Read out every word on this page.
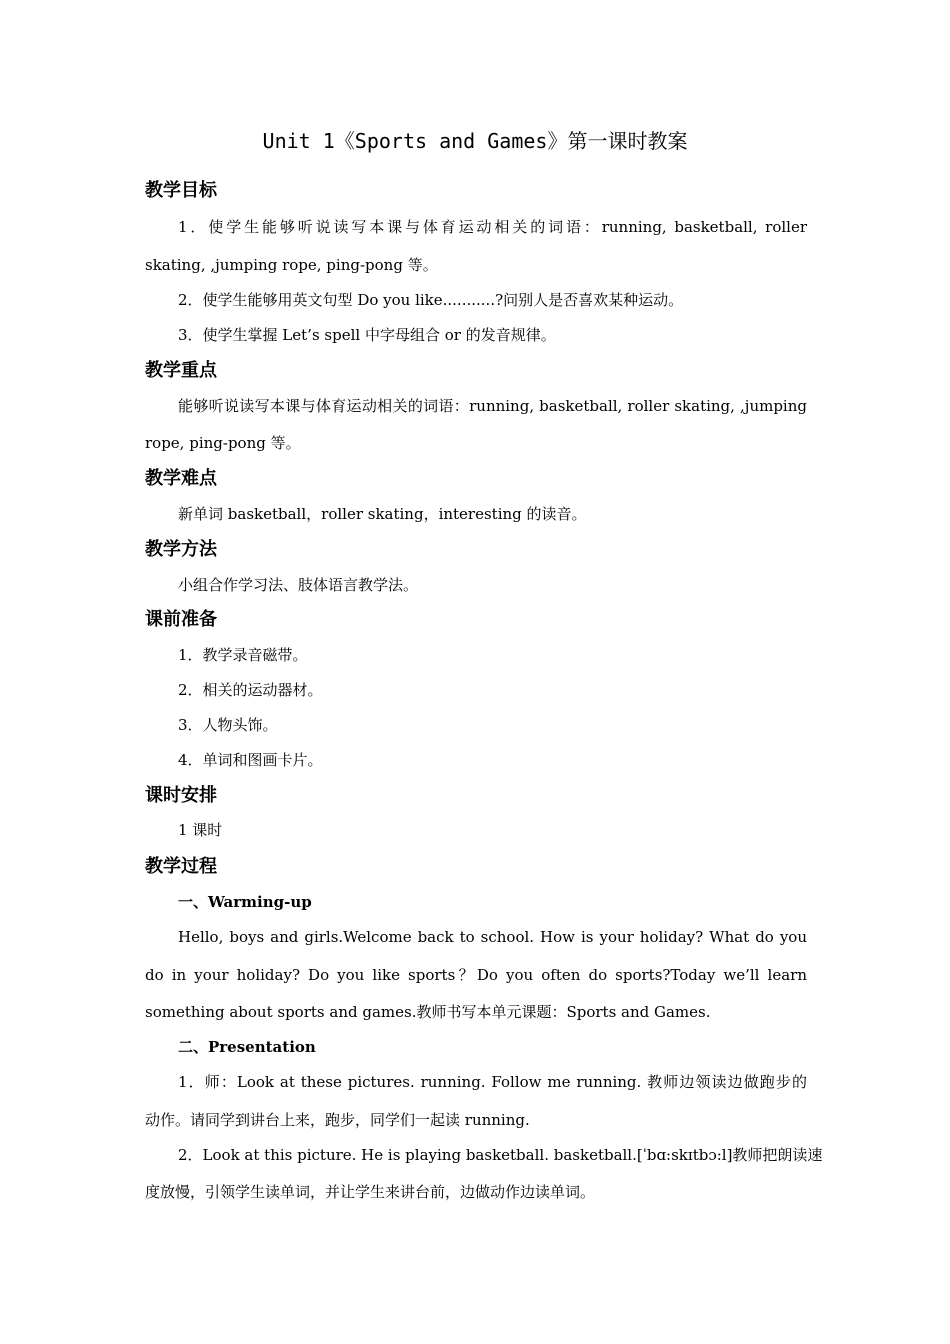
Unit 1《Sports and Games》第一课时教案
教学目标
1．使学生能够听说读写本课与体育运动相关的词语：running, basketball, roller
skating, ,jumping rope, ping-pong 等。
2．使学生能够用英文句型 Do you like...........?问别人是否喜欢某种运动。
3．使学生掌握 Let’s spell 中字母组合 or 的发音规律。
教学重点
能够听说读写本课与体育运动相关的词语：running, basketball, roller skating, ,jumping
rope, ping-pong 等。
教学难点
新单词 basketball，roller skating，interesting 的读音。
教学方法
小组合作学习法、肢体语言教学法。
课前准备
1．教学录音磁带。
2．相关的运动器材。
3．人物头饰。
4．单词和图画卡片。
课时安排
1 课时
教学过程
一、Warming-up
Hello, boys and girls.Welcome back to school. How is your holiday? What do you
do in your holiday? Do you like sports？Do you often do sports?Today we’ll learn
something about sports and games.教师书写本单元课题：Sports and Games.
二、Presentation
1．师：Look at these pictures. running. Follow me running. 教师边领读边做跑步的
动作。请同学到讲台上来，跑步，同学们一起读 running.
2．Look at this picture. He is playing basketball. basketball.[ˈbɑ:skɪtbɔ:l]教师把朗读速
度放慢，引领学生读单词，并让学生来讲台前，边做动作边读单词。
